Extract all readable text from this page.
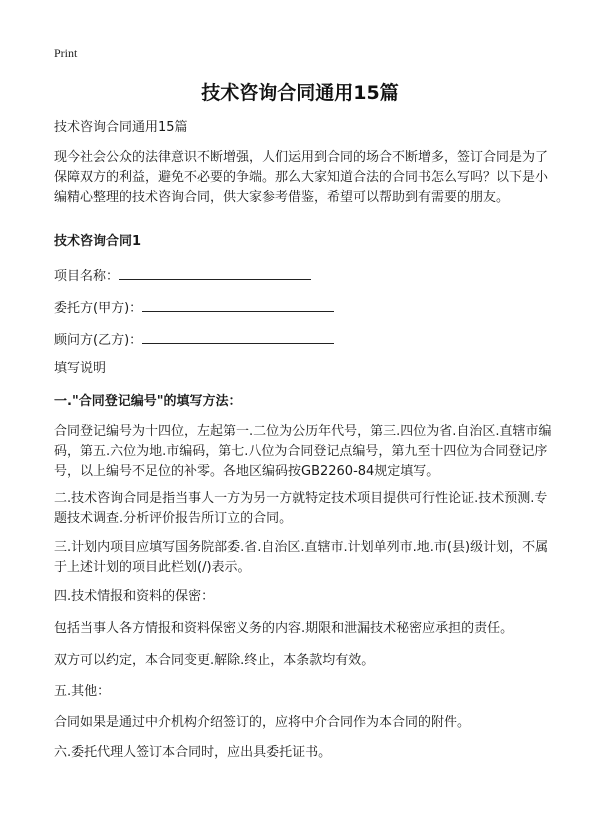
Print
技术咨询合同通用15篇
技术咨询合同通用15篇
现今社会公众的法律意识不断增强，人们运用到合同的场合不断增多，签订合同是为了保障双方的利益，避免不必要的争端。那么大家知道合法的合同书怎么写吗？以下是小编精心整理的技术咨询合同，供大家参考借鉴，希望可以帮助到有需要的朋友。
技术咨询合同1
项目名称：
委托方(甲方)：
顾问方(乙方)：
填写说明
一."合同登记编号"的填写方法：
合同登记编号为十四位，左起第一.二位为公历年代号，第三.四位为省.自治区.直辖市编码，第五.六位为地.市编码，第七.八位为合同登记点编号，第九至十四位为合同登记序号，以上编号不足位的补零。各地区编码按GB2260-84规定填写。
二.技术咨询合同是指当事人一方为另一方就特定技术项目提供可行性论证.技术预测.专题技术调查.分析评价报告所订立的合同。
三.计划内项目应填写国务院部委.省.自治区.直辖市.计划单列市.地.市(县)级计划，不属于上述计划的项目此栏划(/)表示。
四.技术情报和资料的保密：
包括当事人各方情报和资料保密义务的内容.期限和泄漏技术秘密应承担的责任。
双方可以约定，本合同变更.解除.终止，本条款均有效。
五.其他：
合同如果是通过中介机构介绍签订的，应将中介合同作为本合同的附件。
六.委托代理人签订本合同时，应出具委托证书。
